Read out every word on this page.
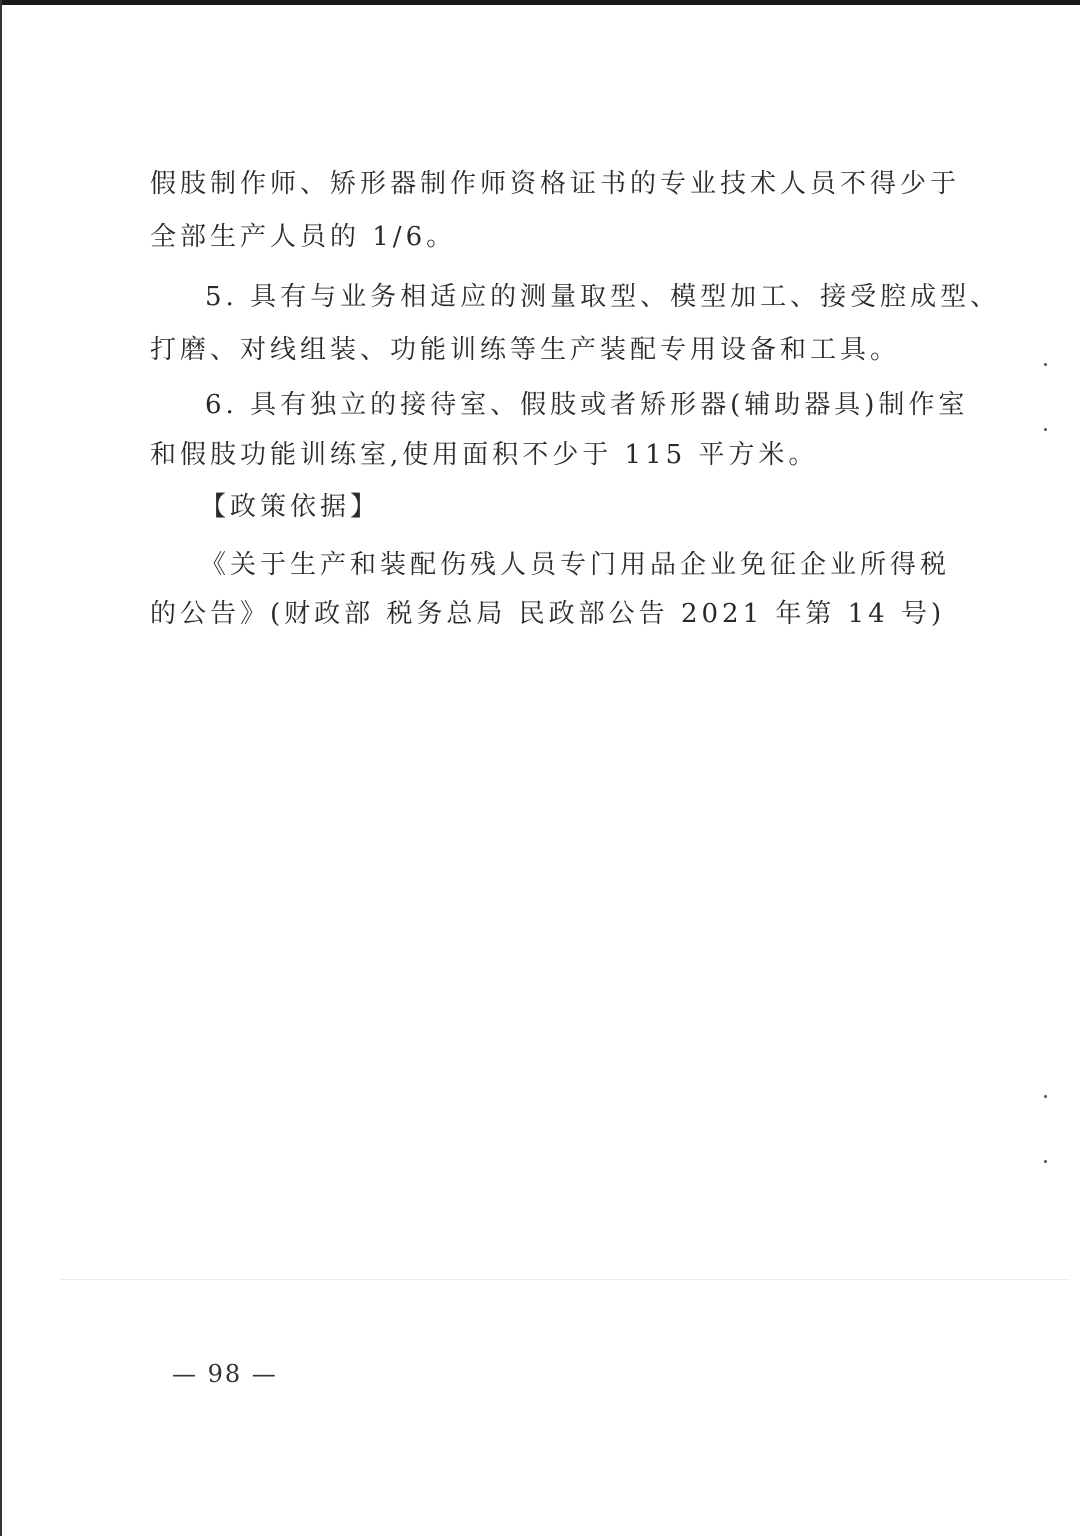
假肢制作师、矫形器制作师资格证书的专业技术人员不得少于
全部生产人员的 1/6。
5. 具有与业务相适应的测量取型、模型加工、接受腔成型、
打磨、对线组装、功能训练等生产装配专用设备和工具。
6. 具有独立的接待室、假肢或者矫形器(辅助器具)制作室
和假肢功能训练室,使用面积不少于 115 平方米。
【政策依据】
《关于生产和装配伤残人员专门用品企业免征企业所得税
的公告》(财政部 税务总局 民政部公告 2021 年第 14 号)
— 98 —
